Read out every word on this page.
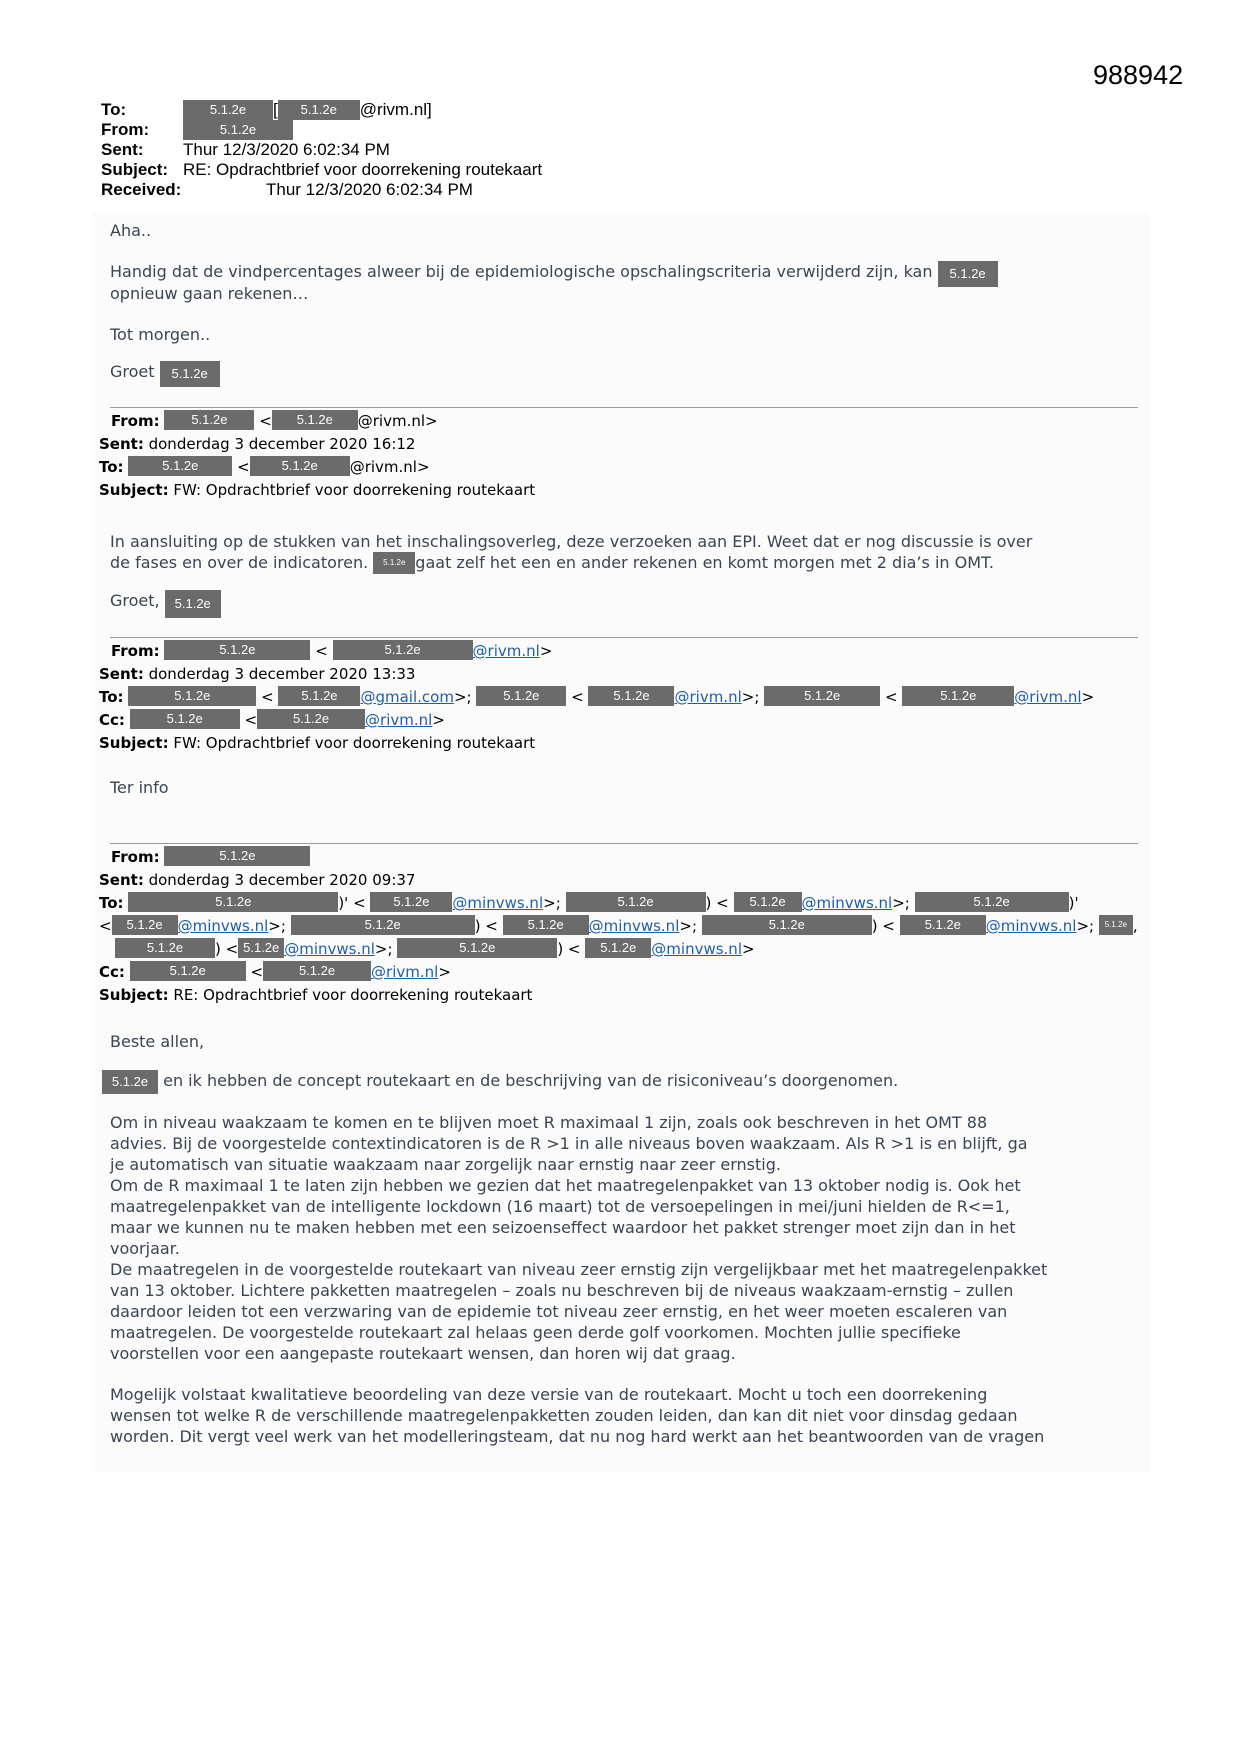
988942
To:	5.1.2e [ 5.1.2e @rivm.nl]
From:	5.1.2e
Sent: Thur 12/3/2020 6:02:34 PM
Subject: RE: Opdrachtbrief voor doorrekening routekaart
Received:	Thur 12/3/2020 6:02:34 PM
Aha..
Handig dat de vindpercentages alweer bij de epidemiologische opschalingscriteria verwijderd zijn, kan 5.1.2e
opnieuw gaan rekenen…
Tot morgen..
Groet 5.1.2e
From: 5.1.2e < 5.1.2e @rivm.nl>
Sent: donderdag 3 december 2020 16:12
To:	5.1.2e	< 5.1.2e @rivm.nl>
Subject: FW: Opdrachtbrief voor doorrekening routekaart
In aansluiting op de stukken van het inschalingsoverleg, deze verzoeken aan EPI. Weet dat er nog discussie is over
de fases en over de indicatoren. 5.1.2e gaat zelf het een en ander rekenen en komt morgen met 2 dia’s in OMT.
Groet, 5.1.2e
From:	5.1.2e	<	5.1.2e	@rivm.nl>
Sent: donderdag 3 december 2020 13:33
To:	5.1.2e	< 5.1.2e @gmail.com>; 5.1.2e < 5.1.2e @rivm.nl>;	5.1.2e	<	5.1.2e	@rivm.nl>
Cc:	5.1.2e	<	5.1.2e @rivm.nl>
Subject: FW: Opdrachtbrief voor doorrekening routekaart
Ter info
From:	5.1.2e
Sent: donderdag 3 december 2020 09:37
To:	5.1.2e	)' < 5.1.2e @minvws.nl>;	5.1.2e	) < 5.1.2e @minvws.nl>;	5.1.2e	)'
< 5.1.2e @minvws.nl>;	5.1.2e	) < 5.1.2e @minvws.nl>;	5.1.2e	) < 5.1.2e @minvws.nl>; 5.1.2e ,
5.1.2e ) < 5.1.2e @minvws.nl>;	5.1.2e	) < 5.1.2e @minvws.nl>
Cc:	5.1.2e	<	5.1.2e @rivm.nl>
Subject: RE: Opdrachtbrief voor doorrekening routekaart
Beste allen,
5.1.2e en ik hebben de concept routekaart en de beschrijving van de risiconiveau’s doorgenomen.
Om in niveau waakzaam te komen en te blijven moet R maximaal 1 zijn, zoals ook beschreven in het OMT 88
advies. Bij de voorgestelde contextindicatoren is de R >1 in alle niveaus boven waakzaam. Als R >1 is en blijft, ga
je automatisch van situatie waakzaam naar zorgelijk naar ernstig naar zeer ernstig.
Om de R maximaal 1 te laten zijn hebben we gezien dat het maatregelenpakket van 13 oktober nodig is. Ook het
maatregelenpakket van de intelligente lockdown (16 maart) tot de versoepelingen in mei/juni hielden de R<=1,
maar we kunnen nu te maken hebben met een seizoenseffect waardoor het pakket strenger moet zijn dan in het
voorjaar.
De maatregelen in de voorgestelde routekaart van niveau zeer ernstig zijn vergelijkbaar met het maatregelenpakket
van 13 oktober. Lichtere pakketten maatregelen – zoals nu beschreven bij de niveaus waakzaam-ernstig – zullen
daardoor leiden tot een verzwaring van de epidemie tot niveau zeer ernstig, en het weer moeten escaleren van
maatregelen. De voorgestelde routekaart zal helaas geen derde golf voorkomen. Mochten jullie specifieke
voorstellen voor een aangepaste routekaart wensen, dan horen wij dat graag.
Mogelijk volstaat kwalitatieve beoordeling van deze versie van de routekaart. Mocht u toch een doorrekening
wensen tot welke R de verschillende maatregelenpakketten zouden leiden, dan kan dit niet voor dinsdag gedaan
worden. Dit vergt veel werk van het modelleringsteam, dat nu nog hard werkt aan het beantwoorden van de vragen
